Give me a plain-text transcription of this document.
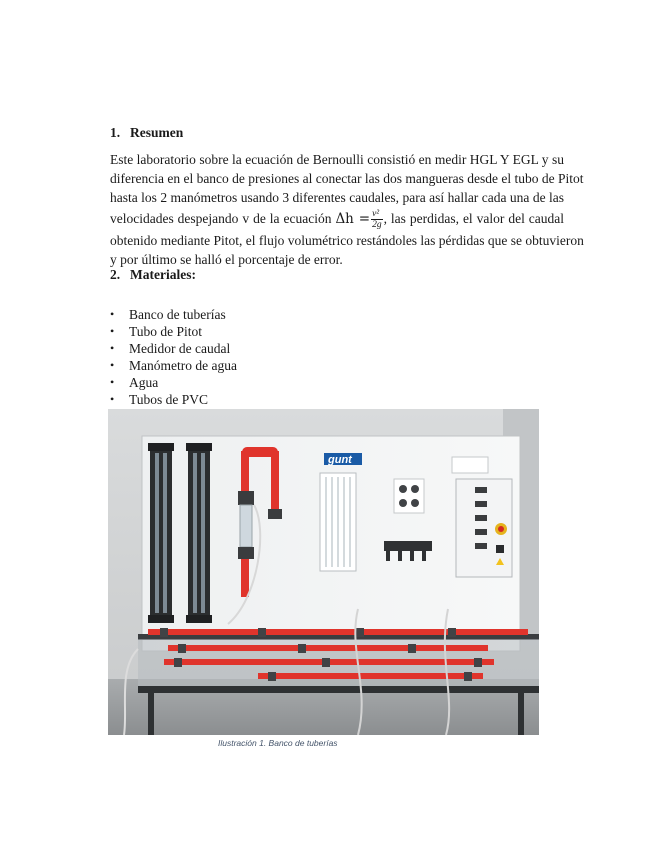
1. Resumen
Este laboratorio sobre la ecuación de Bernoulli consistió en medir HGL Y EGL y su
diferencia en el banco de presiones al conectar las dos mangueras desde el tubo de Pitot
hasta los 2 manómetros usando 3 diferentes caudales, para así hallar cada una de las
velocidades despejando v de la ecuación $\Delta h = \frac{\text{v²}}{2g}$ , las perdidas, el valor del caudal
obtenido mediante Pitot, el flujo volumétrico restándoles las pérdidas que se obtuvieron
y por último se halló el porcentaje de error.
2. Materiales:
• Banco de tuberías
• Tubo de Pitot
• Medidor de caudal
• Manómetro de agua
• Agua
• Tubos de PVC
gunt
Ilustración 1. Banco de tuberías
